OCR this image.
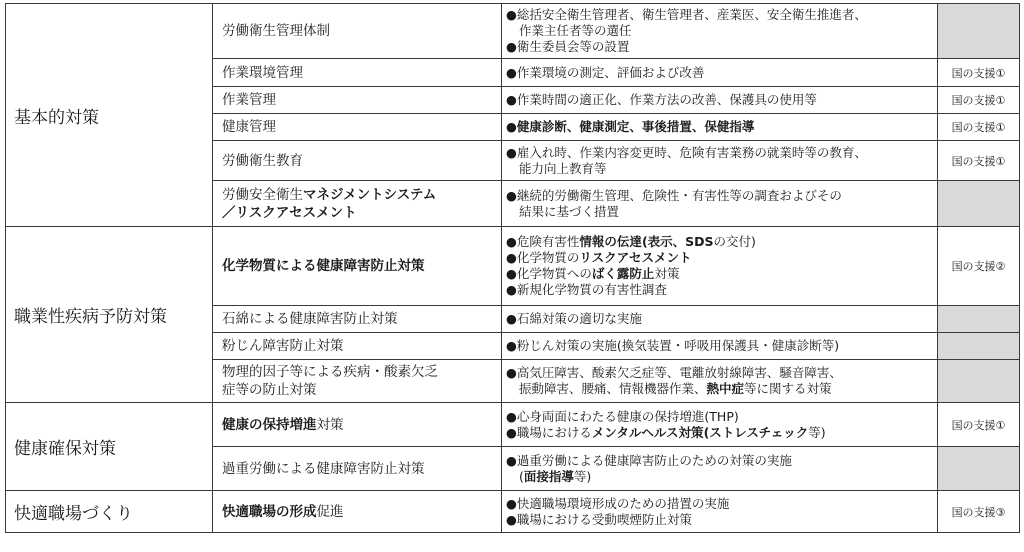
基本的対策	労働衛生管理体制	●総括安全衛生管理者、衛生管理者、産業医、安全衛生推進者、
作業主任者等の選任
●衛生委員会等の設置	

	作業環境管理	●作業環境の測定、評価および改善	国の支援①
	作業管理	●作業時間の適正化、作業方法の改善、保護具の使用等	国の支援①
	健康管理	●健康診断、健康測定、事後措置、保健指導	国の支援①
	労働衛生教育	●雇入れ時、作業内容変更時、危険有害業務の就業時等の教育、
能力向上教育等	国の支援①
	労働安全衛生マネジメントシステム
／リスクアセスメント	●継続的労働衛生管理、危険性・有害性等の調査およびその
結果に基づく措置	

職業性疾病予防対策	化学物質による健康障害防止対策	●危険有害性情報の伝達(表示、SDSの交付)
●化学物質のリスクアセスメント
●化学物質へのばく露防止対策
●新規化学物質の有害性調査	国の支援②
	石綿による健康障害防止対策	●石綿対策の適切な実施	

	粉じん障害防止対策	●粉じん対策の実施(換気装置・呼吸用保護具・健康診断等)	

	物理的因子等による疾病・酸素欠乏
症等の防止対策	●高気圧障害、酸素欠乏症等、電離放射線障害、騒音障害、
振動障害、腰痛、情報機器作業、熱中症等に関する対策	

健康確保対策	健康の保持増進対策	●心身両面にわたる健康の保持増進(THP)
●職場におけるメンタルヘルス対策(ストレスチェック等)	国の支援①
	過重労働による健康障害防止対策	●過重労働による健康障害防止のための対策の実施
(面接指導等)	

快適職場づくり	快適職場の形成促進	●快適職場環境形成のための措置の実施
●職場における受動喫煙防止対策	国の支援③
